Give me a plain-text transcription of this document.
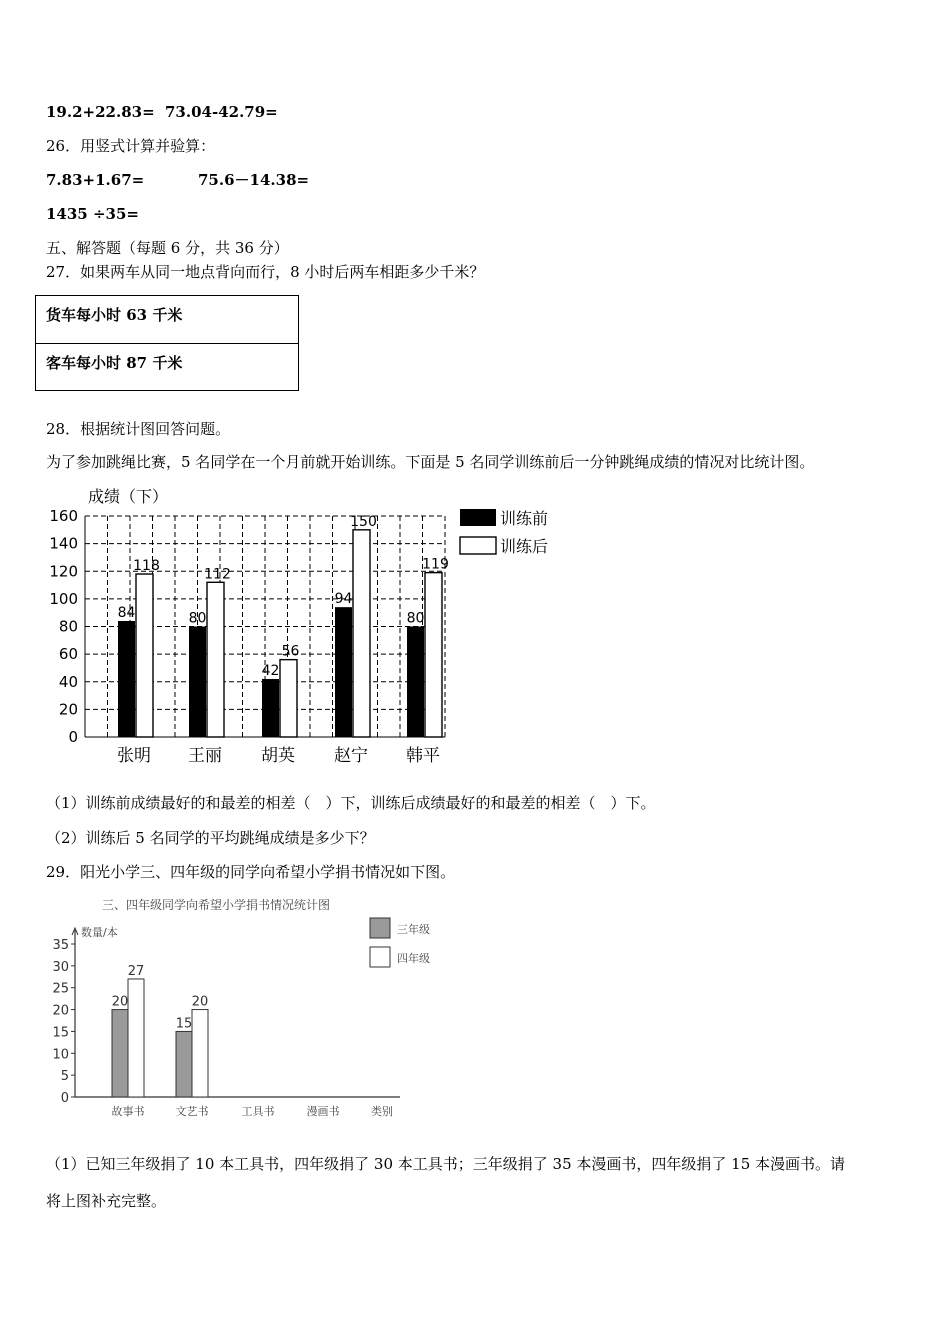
19.2+22.83= 73.04-42.79=
26．用竖式计算并验算：
7.83+1.67=	75.6－14.38=
1435 ÷35=
五、解答题（每题 6 分，共 36 分）
27．如果两车从同一地点背向而行，8 小时后两车相距多少千米？
货车每小时 63 千米
客车每小时 87 千米
28．根据统计图回答问题。
为了参加跳绳比赛，5 名同学在一个月前就开始训练。下面是 5 名同学训练前后一分钟跳绳成绩的情况对比统计图。
成绩（下）
0
20
40
60
80
100
120
140
160
84
118
张明
80
112
王丽
42
56
胡英
94
150
赵宁
80
119
韩平
训练前
训练后
（1）训练前成绩最好的和最差的相差（　）下，训练后成绩最好的和最差的相差（　）下。
（2）训练后 5 名同学的平均跳绳成绩是多少下？
29．阳光小学三、四年级的同学向希望小学捐书情况如下图。
三、四年级同学向希望小学捐书情况统计图
数量/本
0
5
10
15
20
25
30
35
20
27
故事书
15
20
文艺书	工具书	漫画书	类别
三年级
四年级
（1）已知三年级捐了 10 本工具书，四年级捐了 30 本工具书；三年级捐了 35 本漫画书，四年级捐了 15 本漫画书。请
将上图补充完整。
